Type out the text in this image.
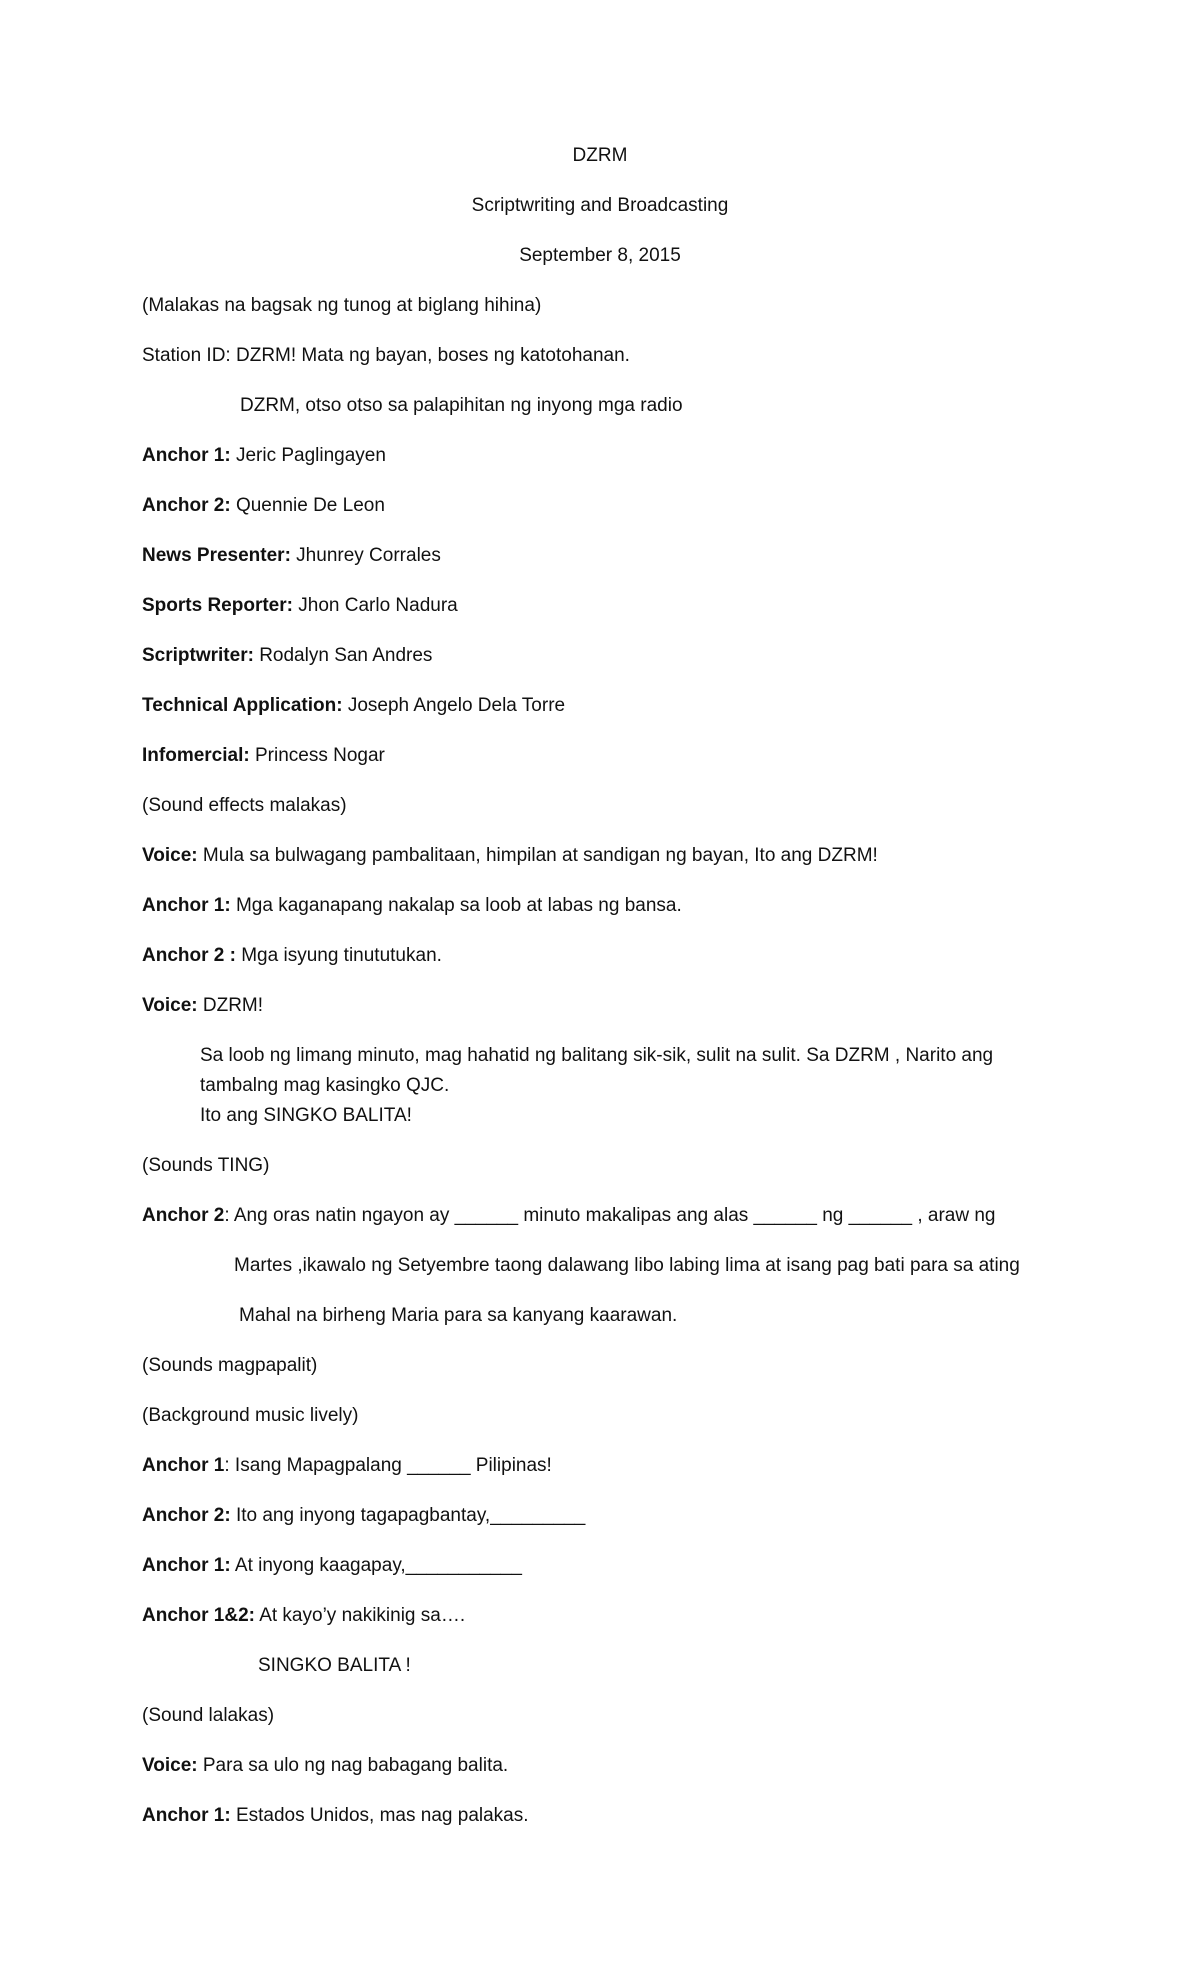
DZRM
Scriptwriting and Broadcasting
September 8, 2015
(Malakas na bagsak ng tunog at biglang hihina)
Station ID: DZRM! Mata ng bayan, boses ng katotohanan.
DZRM, otso otso sa palapihitan ng inyong mga radio
Anchor 1: Jeric Paglingayen
Anchor 2: Quennie De Leon
News Presenter: Jhunrey Corrales
Sports Reporter: Jhon Carlo Nadura
Scriptwriter: Rodalyn San Andres
Technical Application: Joseph Angelo Dela Torre
Infomercial: Princess Nogar
(Sound effects malakas)
Voice: Mula sa bulwagang pambalitaan, himpilan at sandigan ng bayan, Ito ang DZRM!
Anchor 1: Mga kaganapang nakalap sa loob at labas ng bansa.
Anchor 2 : Mga isyung tinututukan.
Voice: DZRM!
Sa loob ng limang minuto, mag hahatid ng balitang sik-sik, sulit na sulit. Sa DZRM , Narito ang
tambalng mag kasingko QJC.
Ito ang SINGKO BALITA!
(Sounds TING)
Anchor 2: Ang oras natin ngayon ay ______ minuto makalipas ang alas ______ ng ______ , araw ng
Martes ,ikawalo ng Setyembre taong dalawang libo labing lima at isang pag bati para sa ating
Mahal na birheng Maria para sa kanyang kaarawan.
(Sounds magpapalit)
(Background music lively)
Anchor 1: Isang Mapagpalang ______ Pilipinas!
Anchor 2: Ito ang inyong tagapagbantay,_________
Anchor 1: At inyong kaagapay,___________
Anchor 1&2: At kayo’y nakikinig sa….
SINGKO BALITA !
(Sound lalakas)
Voice: Para sa ulo ng nag babagang balita.
Anchor 1: Estados Unidos, mas nag palakas.
